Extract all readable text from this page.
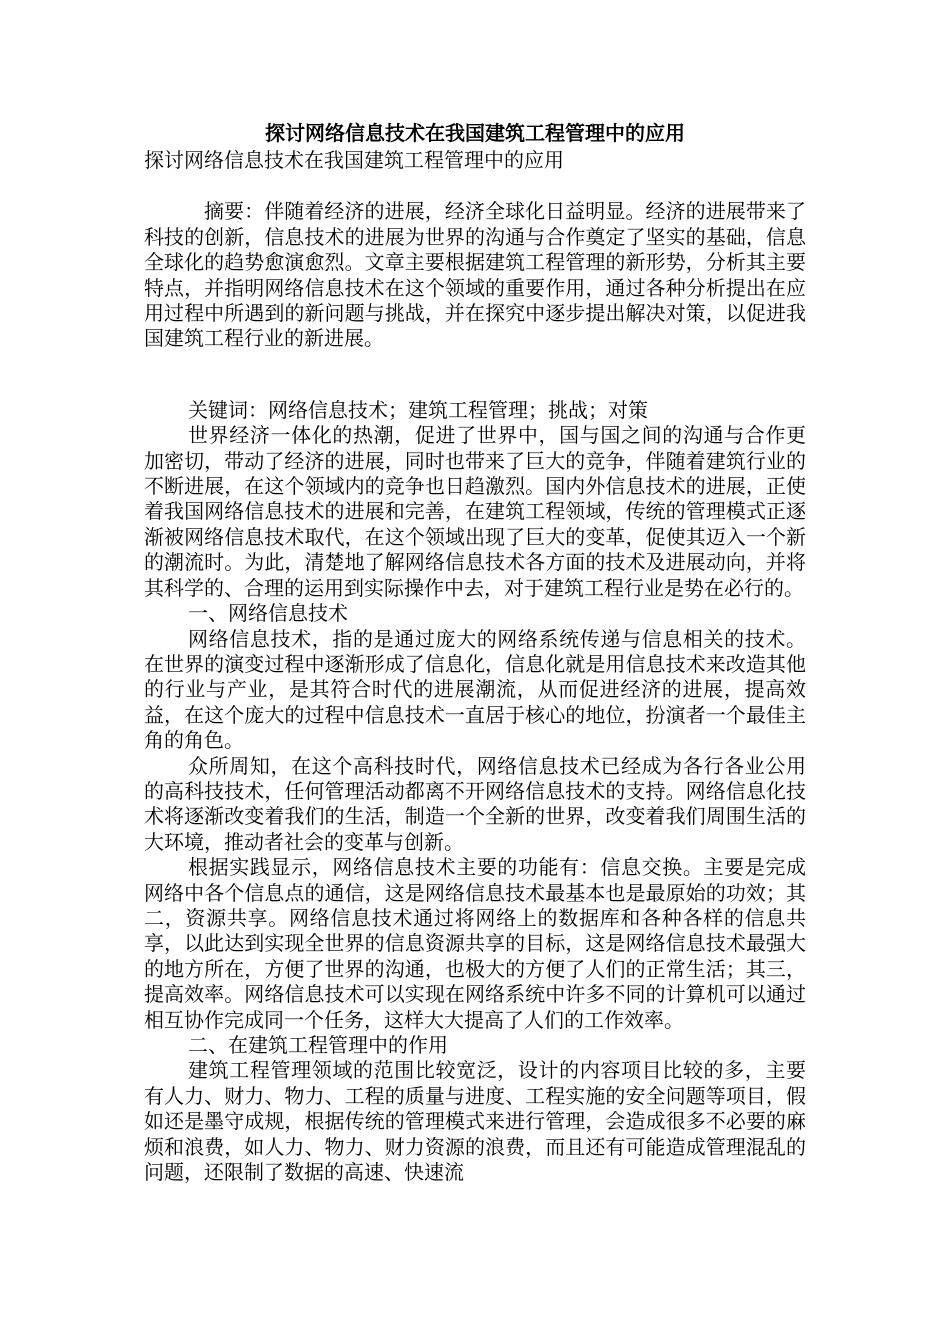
探讨网络信息技术在我国建筑工程管理中的应用

探讨网络信息技术在我国建筑工程管理中的应用

摘要：伴随着经济的进展，经济全球化日益明显。经济的进展带来了科技的创新，信息技术的进展为世界的沟通与合作奠定了坚实的基础，信息全球化的趋势愈演愈烈。文章主要根据建筑工程管理的新形势，分析其主要特点，并指明网络信息技术在这个领域的重要作用，通过各种分析提出在应用过程中所遇到的新问题与挑战，并在探究中逐步提出解决对策，以促进我国建筑工程行业的新进展。

关键词：网络信息技术；建筑工程管理；挑战；对策

世界经济一体化的热潮，促进了世界中，国与国之间的沟通与合作更加密切，带动了经济的进展，同时也带来了巨大的竞争，伴随着建筑行业的不断进展，在这个领域内的竞争也日趋激烈。国内外信息技术的进展，正使着我国网络信息技术的进展和完善，在建筑工程领域，传统的管理模式正逐渐被网络信息技术取代，在这个领域出现了巨大的变革，促使其迈入一个新的潮流时。为此，清楚地了解网络信息技术各方面的技术及进展动向，并将其科学的、合理的运用到实际操作中去，对于建筑工程行业是势在必行的。

一、网络信息技术

网络信息技术，指的是通过庞大的网络系统传递与信息相关的技术。在世界的演变过程中逐渐形成了信息化，信息化就是用信息技术来改造其他的行业与产业，是其符合时代的进展潮流，从而促进经济的进展，提高效益，在这个庞大的过程中信息技术一直居于核心的地位，扮演者一个最佳主角的角色。

众所周知，在这个高科技时代，网络信息技术已经成为各行各业公用的高科技技术，任何管理活动都离不开网络信息技术的支持。网络信息化技术将逐渐改变着我们的生活，制造一个全新的世界，改变着我们周围生活的大环境，推动者社会的变革与创新。

根据实践显示，网络信息技术主要的功能有：信息交换。主要是完成网络中各个信息点的通信，这是网络信息技术最基本也是最原始的功效；其二，资源共享。网络信息技术通过将网络上的数据库和各种各样的信息共享，以此达到实现全世界的信息资源共享的目标，这是网络信息技术最强大的地方所在，方便了世界的沟通，也极大的方便了人们的正常生活；其三，提高效率。网络信息技术可以实现在网络系统中许多不同的计算机可以通过相互协作完成同一个任务，这样大大提高了人们的工作效率。

二、在建筑工程管理中的作用

建筑工程管理领域的范围比较宽泛，设计的内容项目比较的多，主要有人力、财力、物力、工程的质量与进度、工程实施的安全问题等项目，假如还是墨守成规，根据传统的管理模式来进行管理，会造成很多不必要的麻烦和浪费，如人力、物力、财力资源的浪费，而且还有可能造成管理混乱的问题，还限制了数据的高速、快速流
